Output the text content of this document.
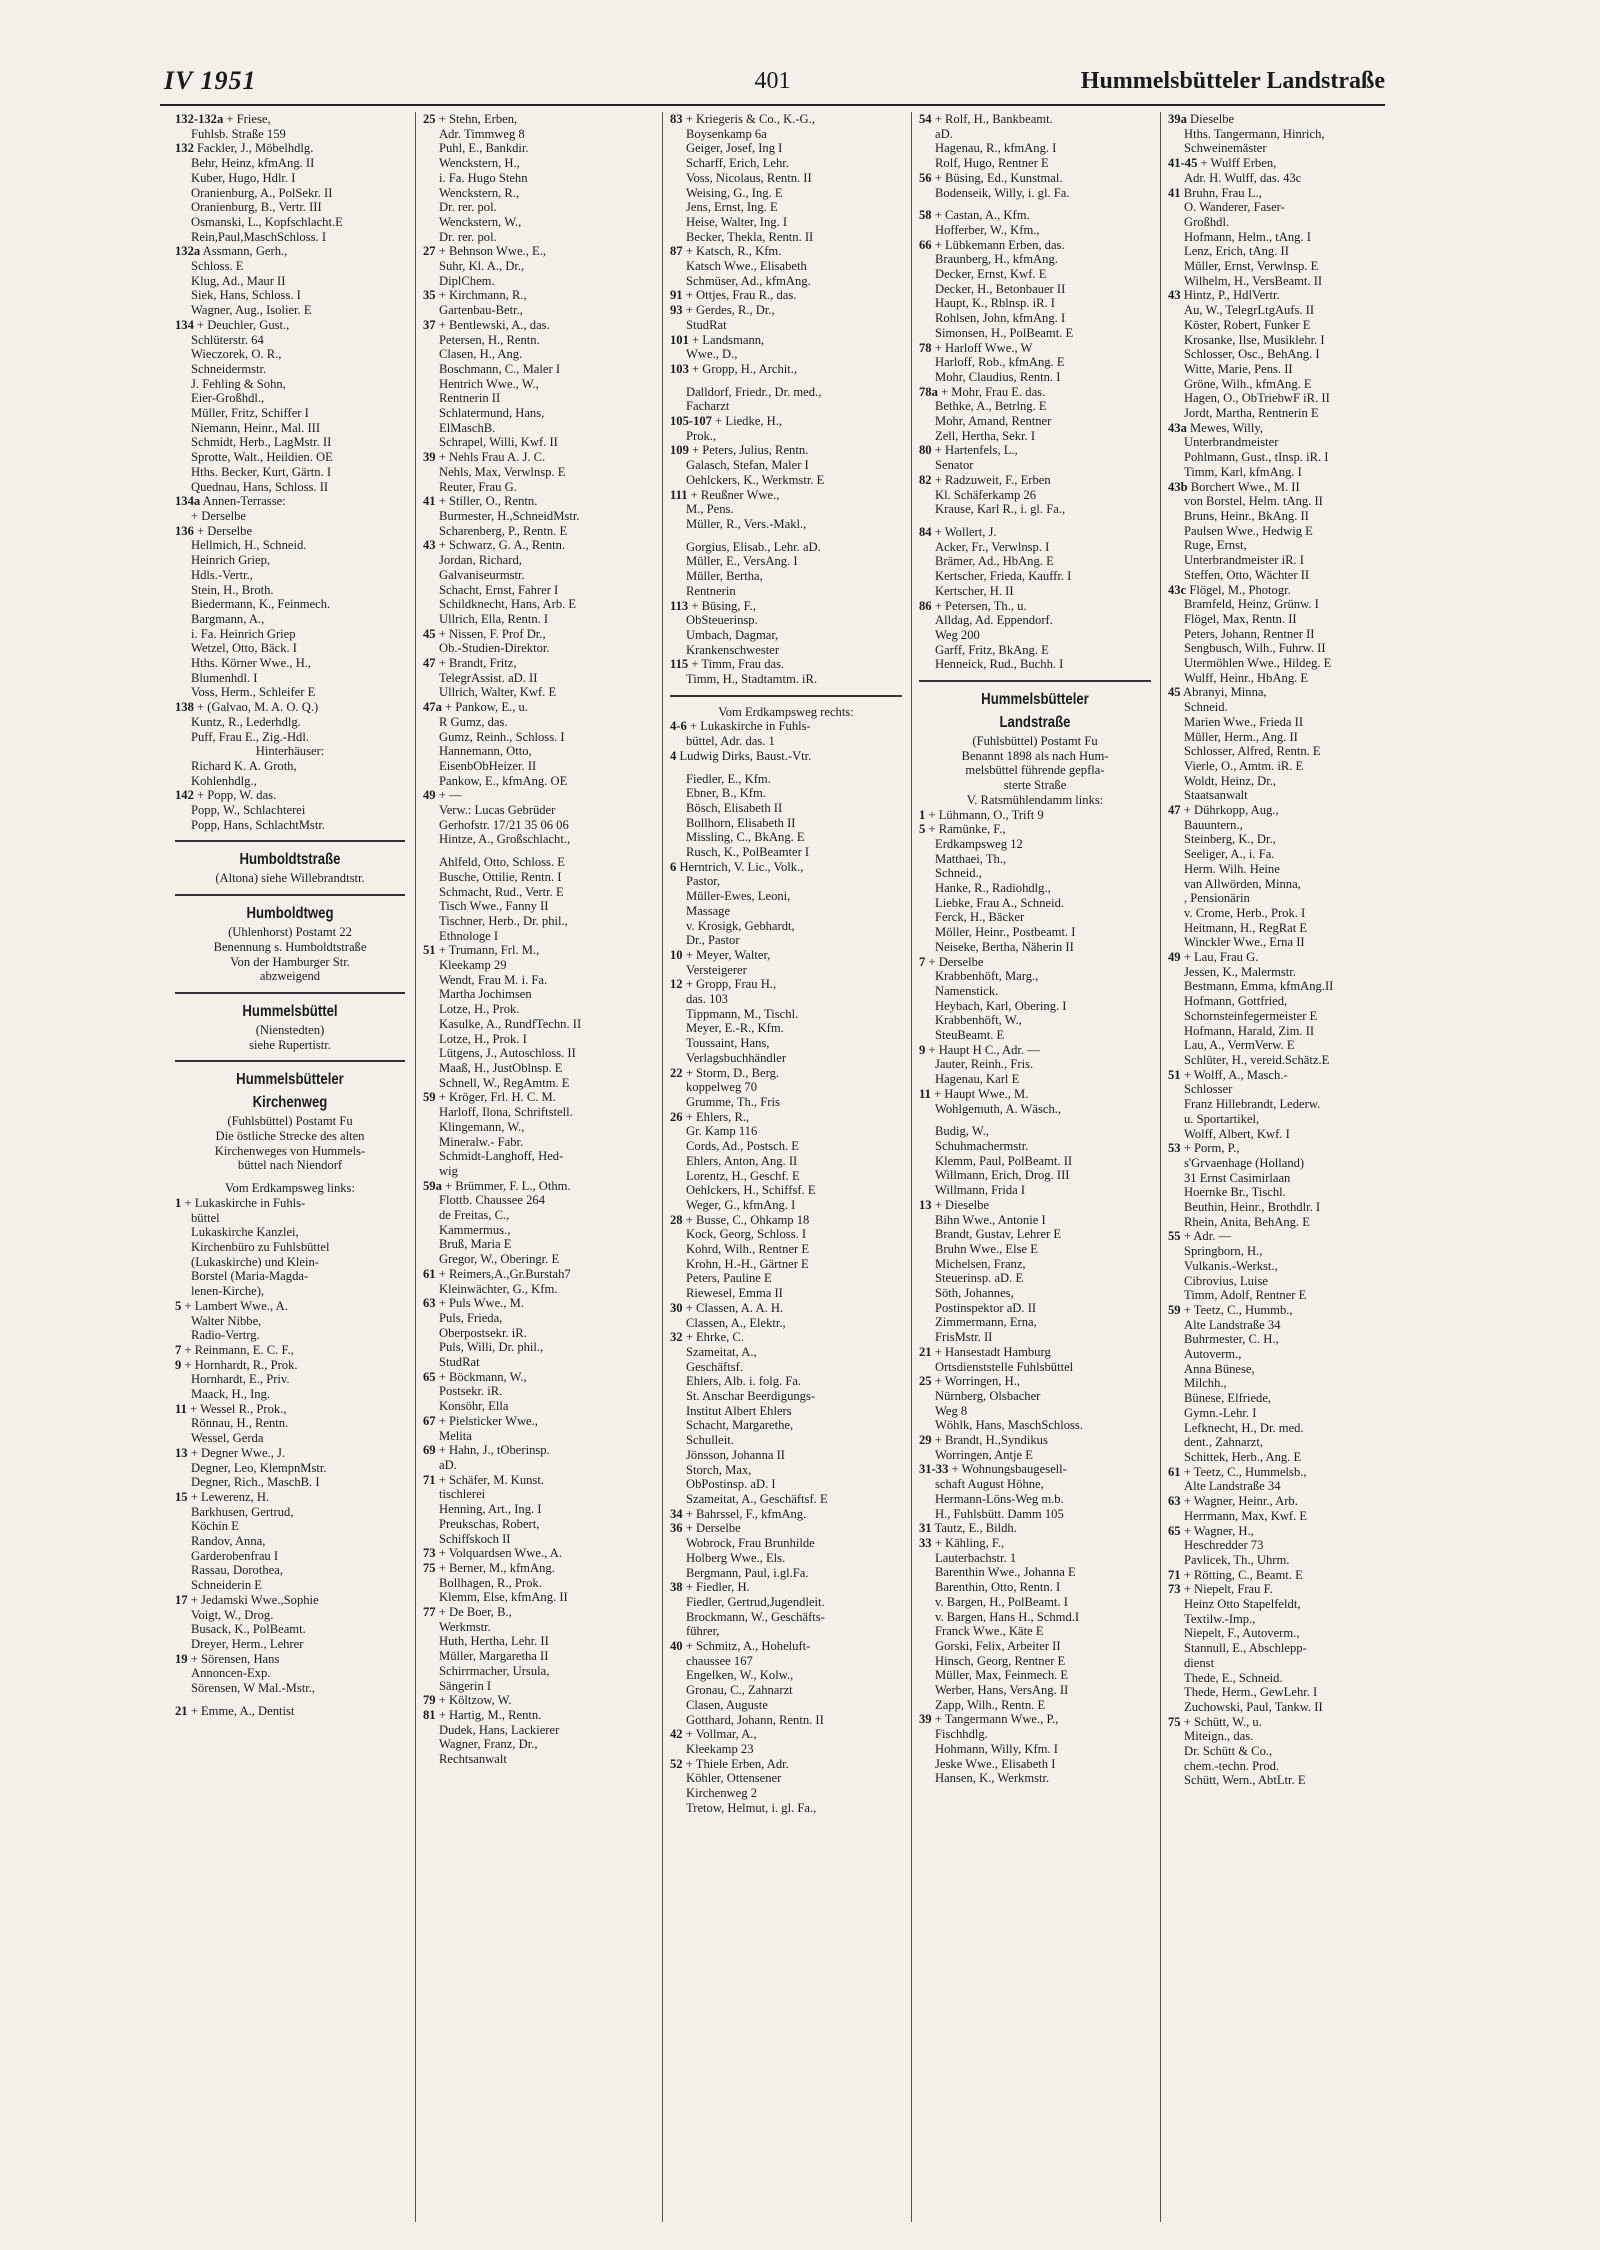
IV 1951	401	Hummelsbütteler Landstraße
132-132a + Friese,
Fuhlsb. Straße 159
132 Fackler, J., Möbelhdlg.
Behr, Heinz, kfmAng. II
Kuber, Hugo, Hdlr. I
Oranienburg, A., PolSekr. II
Oranienburg, B., Vertr. III
Osmanski, L., Kopfschlacht.E
Rein,Paul,MaschSchloss. I
132a Assmann, Gerh.,
Schloss. E
Klug, Ad., Maur II
Siek, Hans, Schloss. I
Wagner, Aug., Isolier. E
134 + Deuchler, Gust.,
Schlüterstr. 64
Wieczorek, O. R.,
Schneidermstr.
J. Fehling & Sohn,
Eier-Großhdl.,
Müller, Fritz, Schiffer I
Niemann, Heinr., Mal. III
Schmidt, Herb., LagMstr. II
Sprotte, Walt., Heildien. OE
Hths. Becker, Kurt, Gärtn. I
Quednau, Hans, Schloss. II
134a Annen-Terrasse:
+ Derselbe
136 + Derselbe
Hellmich, H., Schneid.
Heinrich Griep,
Hdls.-Vertr.,
Stein, H., Broth.
Biedermann, K., Feinmech.
Bargmann, A.,
i. Fa. Heinrich Griep
Wetzel, Otto, Bäck. I
Hths. Körner Wwe., H.,
Blumenhdl. I
Voss, Herm., Schleifer E
138 + (Galvao, M. A. O. Q.)
Kuntz, R., Lederhdlg.
Puff, Frau E., Zig.-Hdl.
Hinterhäuser:
Richard K. A. Groth,
Kohlenhdlg.,
142 + Popp, W. das.
Popp, W., Schlachterei
Popp, Hans, SchlachtMstr.
Humboldtstraße
(Altona) siehe Willebrandtstr.
Humboldtweg
(Uhlenhorst) Postamt 22
Benennung s. Humboldtstraße
Von der Hamburger Str.
abzweigend
Hummelsbüttel
(Nienstedten)
siehe Rupertistr.
Hummelsbütteler
Kirchenweg
(Fuhlsbüttel) Postamt Fu
Die östliche Strecke des alten
Kirchenweges von Hummels-
büttel nach Niendorf
Vom Erdkampsweg links:
1 + Lukaskirche in Fuhls-
büttel
Lukaskirche Kanzlei,
Kirchenbüro zu Fuhlsbüttel
(Lukaskirche) und Klein-
Borstel (Maria-Magda-
lenen-Kirche),
5 + Lambert Wwe., A.
Walter Nibbe,
Radio-Vertrg.
7 + Reinmann, E. C. F.,
9 + Hornhardt, R., Prok.
Hornhardt, E., Priv.
Maack, H., Ing.
11 + Wessel R., Prok.,
Rönnau, H., Rentn.
Wessel, Gerda
13 + Degner Wwe., J.
Degner, Leo, KlempnMstr.
Degner, Rich., MaschB. I
15 + Lewerenz, H.
Barkhusen, Gertrud,
Köchin E
Randov, Anna,
Garderobenfrau I
Rassau, Dorothea,
Schneiderin E
17 + Jedamski Wwe.,Sophie
Voigt, W., Drog.
Busack, K., PolBeamt.
Dreyer, Herm., Lehrer
19 + Sörensen, Hans
Annoncen-Exp.
Sörensen, W Mal.-Mstr.,
21 + Emme, A., Dentist
25 + Stehn, Erben,
Adr. Timmweg 8
Puhl, E., Bankdir.
Wenckstern, H.,
i. Fa. Hugo Stehn
Wenckstern, R.,
Dr. rer. pol.
Wenckstern, W.,
Dr. rer. pol.
27 + Behnson Wwe., E.,
Suhr, Kl. A., Dr.,
DiplChem.
35 + Kirchmann, R.,
Gartenbau-Betr.,
37 + Bentlewski, A., das.
Petersen, H., Rentn.
Clasen, H., Ang.
Boschmann, C., Maler I
Hentrich Wwe., W.,
Rentnerin II
Schlatermund, Hans,
ElMaschB.
Schrapel, Willi, Kwf. II
39 + Nehls Frau A. J. C.
Nehls, Max, Verwlnsp. E
Reuter, Frau G.
41 + Stiller, O., Rentn.
Burmester, H.,SchneidMstr.
Scharenberg, P., Rentn. E
43 + Schwarz, G. A., Rentn.
Jordan, Richard,
Galvaniseurmstr.
Schacht, Ernst, Fahrer I
Schildknecht, Hans, Arb. E
Ullrich, Ella, Rentn. I
45 + Nissen, F. Prof Dr.,
Ob.-Studien-Direktor.
47 + Brandt, Fritz,
TelegrAssist. aD. II
Ullrich, Walter, Kwf. E
47a + Pankow, E., u.
R Gumz, das.
Gumz, Reinh., Schloss. I
Hannemann, Otto,
EisenbObHeizer. II
Pankow, E., kfmAng. OE
49 + —
Verw.: Lucas Gebrüder
Gerhofstr. 17/21 35 06 06
Hintze, A., Großschlacht.,
Ahlfeld, Otto, Schloss. E
Busche, Ottilie, Rentn. I
Schmacht, Rud., Vertr. E
Tisch Wwe., Fanny II
Tischner, Herb., Dr. phil.,
Ethnologe I
51 + Trumann, Frl. M.,
Kleekamp 29
Wendt, Frau M. i. Fa.
Martha Jochimsen
Lotze, H., Prok.
Kasulke, A., RundfTechn. II
Lotze, H., Prok. I
Lütgens, J., Autoschloss. II
Maaß, H., JustOblnsp. E
Schnell, W., RegAmtm. E
59 + Kröger, Frl. H. C. M.
Harloff, Ilona, Schriftstell.
Klingemann, W.,
Mineralw.- Fabr.
Schmidt-Langhoff, Hed-
wig
59a + Brümmer, F. L., Othm.
Flottb. Chaussee 264
de Freitas, C.,
Kammermus.,
Bruß, Maria E
Gregor, W., Oberingr. E
61 + Reimers,A.,Gr.Burstah7
Kleinwächter, G., Kfm.
63 + Puls Wwe., M.
Puls, Frieda,
Oberpostsekr. iR.
Puls, Willi, Dr. phil.,
StudRat
65 + Böckmann, W.,
Postsekr. iR.
Konsöhr, Ella
67 + Pielsticker Wwe.,
Melita
69 + Hahn, J., tOberinsp.
aD.
71 + Schäfer, M. Kunst.
tischlerei
Henning, Art., Ing. I
Preukschas, Robert,
Schiffskoch II
73 + Volquardsen Wwe., A.
75 + Berner, M., kfmAng.
Bollhagen, R., Prok.
Klemm, Else, kfmAng. II
77 + De Boer, B.,
Werkmstr.
Huth, Hertha, Lehr. II
Müller, Margaretha II
Schirrmacher, Ursula,
Sängerin I
79 + Költzow, W.
81 + Hartig, M., Rentn.
Dudek, Hans, Lackierer
Wagner, Franz, Dr.,
Rechtsanwalt
83 + Kriegeris & Co., K.-G.,
Boysenkamp 6a
Geiger, Josef, Ing I
Scharff, Erich, Lehr.
Voss, Nicolaus, Rentn. II
Weising, G., Ing. E
Jens, Ernst, Ing. E
Heise, Walter, Ing. I
Becker, Thekla, Rentn. II
87 + Katsch, R., Kfm.
Katsch Wwe., Elisabeth
Schmüser, Ad., kfmAng.
91 + Ottjes, Frau R., das.
93 + Gerdes, R., Dr.,
StudRat
101 + Landsmann,
Wwe., D.,
103 + Gropp, H., Archit.,
Dalldorf, Friedr., Dr. med.,
Facharzt
105-107 + Liedke, H.,
Prok.,
109 + Peters, Julius, Rentn.
Galasch, Stefan, Maler I
Oehlckers, K., Werkmstr. E
111 + Reußner Wwe.,
M., Pens.
Müller, R., Vers.-Makl.,
Gorgius, Elisab., Lehr. aD.
Müller, E., VersAng. I
Müller, Bertha,
Rentnerin
113 + Büsing, F.,
ObSteuerinsp.
Umbach, Dagmar,
Krankenschwester
115 + Timm, Frau das.
Timm, H., Stadtamtm. iR.
Vom Erdkampsweg rechts:
4-6 + Lukaskirche in Fuhls-
büttel, Adr. das. 1
4 Ludwig Dirks, Baust.-Vtr.
Fiedler, E., Kfm.
Ebner, B., Kfm.
Bösch, Elisabeth II
Bollhorn, Elisabeth II
Missling, C., BkAng. E
Rusch, K., PolBeamter I
6 Herntrich, V. Lic., Volk.,
Pastor,
Müller-Ewes, Leoni,
Massage
v. Krosigk, Gebhardt,
Dr., Pastor
10 + Meyer, Walter,
Versteigerer
12 + Gropp, Frau H.,
das. 103
Tippmann, M., Tischl.
Meyer, E.-R., Kfm.
Toussaint, Hans,
Verlagsbuchhändler
22 + Storm, D., Berg.
koppelweg 70
Grumme, Th., Fris
26 + Ehlers, R.,
Gr. Kamp 116
Cords, Ad., Postsch. E
Ehlers, Anton, Ang. II
Lorentz, H., Geschf. E
Oehlckers, H., Schiffsf. E
Weger, G., kfmAng. I
28 + Busse, C., Ohkamp 18
Kock, Georg, Schloss. I
Kohrd, Wilh., Rentner E
Krohn, H.-H., Gärtner E
Peters, Pauline E
Riewesel, Emma II
30 + Classen, A. A. H.
Classen, A., Elektr.,
32 + Ehrke, C.
Szameitat, A.,
Geschäftsf.
Ehlers, Alb. i. folg. Fa.
St. Anschar Beerdigungs-
Institut Albert Ehlers
Schacht, Margarethe,
Schulleit.
Jönsson, Johanna II
Storch, Max,
ObPostinsp. aD. I
Szameitat, A., Geschäftsf. E
34 + Bahrssel, F., kfmAng.
36 + Derselbe
Wobrock, Frau Brunhilde
Holberg Wwe., Els.
Bergmann, Paul, i.gl.Fa.
38 + Fiedler, H.
Fiedler, Gertrud,Jugendleit.
Brockmann, W., Geschäfts-
führer,
40 + Schmitz, A., Hoheluft-
chaussee 167
Engelken, W., Kolw.,
Gronau, C., Zahnarzt
Clasen, Auguste
Gotthard, Johann, Rentn. II
42 + Vollmar, A.,
Kleekamp 23
52 + Thiele Erben, Adr.
Köhler, Ottensener
Kirchenweg 2
Tretow, Helmut, i. gl. Fa.,
54 + Rolf, H., Bankbeamt.
aD.
Hagenau, R., kfmAng. I
Rolf, Hugo, Rentner E
56 + Büsing, Ed., Kunstmal.
Bodenseik, Willy, i. gl. Fa.
58 + Castan, A., Kfm.
Hofferber, W., Kfm.,
66 + Lübkemann Erben, das.
Braunberg, H., kfmAng.
Decker, Ernst, Kwf. E
Decker, H., Betonbauer II
Haupt, K., Rblnsp. iR. I
Rohlsen, John, kfmAng. I
Simonsen, H., PolBeamt. E
78 + Harloff Wwe., W
Harloff, Rob., kfmAng. E
Mohr, Claudius, Rentn. I
78a + Mohr, Frau E. das.
Bethke, A., Betrlng. E
Mohr, Amand, Rentner
Zell, Hertha, Sekr. I
80 + Hartenfels, L.,
Senator
82 + Radzuweit, F., Erben
Kl. Schäferkamp 26
Krause, Karl R., i. gl. Fa.,
84 + Wollert, J.
Acker, Fr., Verwlnsp. I
Brämer, Ad., HbAng. E
Kertscher, Frieda, Kauffr. I
Kertscher, H. II
86 + Petersen, Th., u.
Alldag, Ad. Eppendorf.
Weg 200
Garff, Fritz, BkAng. E
Henneick, Rud., Buchh. I
Hummelsbütteler
Landstraße
(Fuhlsbüttel) Postamt Fu
Benannt 1898 als nach Hum-
melsbüttel führende gepfla-
sterte Straße
V. Ratsmühlendamm links:
1 + Lühmann, O., Trift 9
5 + Ramünke, F.,
Erdkampsweg 12
Matthaei, Th.,
Schneid.,
Hanke, R., Radiohdlg.,
Liebke, Frau A., Schneid.
Ferck, H., Bäcker
Möller, Heinr., Postbeamt. I
Neiseke, Bertha, Näherin II
7 + Derselbe
Krabbenhöft, Marg.,
Namenstick.
Heybach, Karl, Obering. I
Krabbenhöft, W.,
SteuBeamt. E
9 + Haupt H C., Adr. —
Jauter, Reinh., Fris.
Hagenau, Karl E
11 + Haupt Wwe., M.
Wohlgemuth, A. Wäsch.,
Budig, W.,
Schuhmachermstr.
Klemm, Paul, PolBeamt. II
Willmann, Erich, Drog. III
Willmann, Frida I
13 + Dieselbe
Bihn Wwe., Antonie I
Brandt, Gustav, Lehrer E
Bruhn Wwe., Else E
Michelsen, Franz,
Steuerinsp. aD. E
Söth, Johannes,
Postinspektor aD. II
Zimmermann, Erna,
FrisMstr. II
21 + Hansestadt Hamburg
Ortsdienststelle Fuhlsbüttel
25 + Worringen, H.,
Nürnberg, Olsbacher
Weg 8
Wöhlk, Hans, MaschSchloss.
29 + Brandt, H.,Syndikus
Worringen, Antje E
31-33 + Wohnungsbaugesell-
schaft August Höhne,
Hermann-Löns-Weg m.b.
H., Fuhlsbütt. Damm 105
31 Tautz, E., Bildh.
33 + Kähling, F.,
Lauterbachstr. 1
Barenthin Wwe., Johanna E
Barenthin, Otto, Rentn. I
v. Bargen, H., PolBeamt. I
v. Bargen, Hans H., Schmd.I
Franck Wwe., Käte E
Gorski, Felix, Arbeiter II
Hinsch, Georg, Rentner E
Müller, Max, Feinmech. E
Werber, Hans, VersAng. II
Zapp, Wilh., Rentn. E
39 + Tangermann Wwe., P.,
Fischhdlg.
Hohmann, Willy, Kfm. I
Jeske Wwe., Elisabeth I
Hansen, K., Werkmstr.
39a Dieselbe
Hths. Tangermann, Hinrich,
Schweinemäster
41-45 + Wulff Erben,
Adr. H. Wulff, das. 43c
41 Bruhn, Frau L.,
O. Wanderer, Faser-
Großhdl.
Hofmann, Helm., tAng. I
Lenz, Erich, tAng. II
Müller, Ernst, Verwlnsp. E
Wilhelm, H., VersBeamt. II
43 Hintz, P., HdlVertr.
Au, W., TelegrLtgAufs. II
Köster, Robert, Funker E
Krosanke, Ilse, Musiklehr. I
Schlosser, Osc., BehAng. I
Witte, Marie, Pens. II
Gröne, Wilh., kfmAng. E
Hagen, O., ObTriebwF iR. II
Jordt, Martha, Rentnerin E
43a Mewes, Willy,
Unterbrandmeister
Pohlmann, Gust., tInsp. iR. I
Timm, Karl, kfmAng. I
43b Borchert Wwe., M. II
von Borstel, Helm. tAng. II
Bruns, Heinr., BkAng. II
Paulsen Wwe., Hedwig E
Ruge, Ernst,
Unterbrandmeister iR. I
Steffen, Otto, Wächter II
43c Flögel, M., Photogr.
Bramfeld, Heinz, Grünw. I
Flögel, Max, Rentn. II
Peters, Johann, Rentner II
Sengbusch, Wilh., Fuhrw. II
Utermöhlen Wwe., Hildeg. E
Wulff, Heinr., HbAng. E
45 Abranyi, Minna,
Schneid.
Marien Wwe., Frieda II
Müller, Herm., Ang. II
Schlosser, Alfred, Rentn. E
Vierle, O., Amtm. iR. E
Woldt, Heinz, Dr.,
Staatsanwalt
47 + Dührkopp, Aug.,
Bauuntern.,
Steinberg, K., Dr.,
Seeliger, A., i. Fa.
Herm. Wilh. Heine
van Allwörden, Minna,
, Pensionärin
v. Crome, Herb., Prok. I
Heitmann, H., RegRat E
Winckler Wwe., Erna II
49 + Lau, Frau G.
Jessen, K., Malermstr.
Bestmann, Emma, kfmAng.II
Hofmann, Gottfried,
Schornsteinfegermeister E
Hofmann, Harald, Zim. II
Lau, A., VermVerw. E
Schlüter, H., vereid.Schätz.E
51 + Wolff, A., Masch.-
Schlosser
Franz Hillebrandt, Lederw.
u. Sportartikel,
Wolff, Albert, Kwf. I
53 + Porm, P.,
s'Grvaenhage (Holland)
31 Ernst Casimirlaan
Hoernke Br., Tischl.
Beuthin, Heinr., Brothdlr. I
Rhein, Anita, BehAng. E
55 + Adr. —
Springborn, H.,
Vulkanis.-Werkst.,
Cibrovius, Luise
Timm, Adolf, Rentner E
59 + Teetz, C., Hummb.,
Alte Landstraße 34
Buhrmester, C. H.,
Autoverm.,
Anna Bünese,
Milchh.,
Bünese, Elfriede,
Gymn.-Lehr. I
Lefknecht, H., Dr. med.
dent., Zahnarzt,
Schittek, Herb., Ang. E
61 + Teetz, C., Hummelsb.,
Alte Landstraße 34
63 + Wagner, Heinr., Arb.
Herrmann, Max, Kwf. E
65 + Wagner, H.,
Heschredder 73
Pavlicek, Th., Uhrm.
71 + Rötting, C., Beamt. E
73 + Niepelt, Frau F.
Heinz Otto Stapelfeldt,
Textilw.-Imp.,
Niepelt, F., Autoverm.,
Stannull, E., Abschlepp-
dienst
Thede, E., Schneid.
Thede, Herm., GewLehr. I
Zuchowski, Paul, Tankw. II
75 + Schütt, W., u.
Miteign., das.
Dr. Schütt & Co.,
chem.-techn. Prod.
Schütt, Wern., AbtLtr. E
